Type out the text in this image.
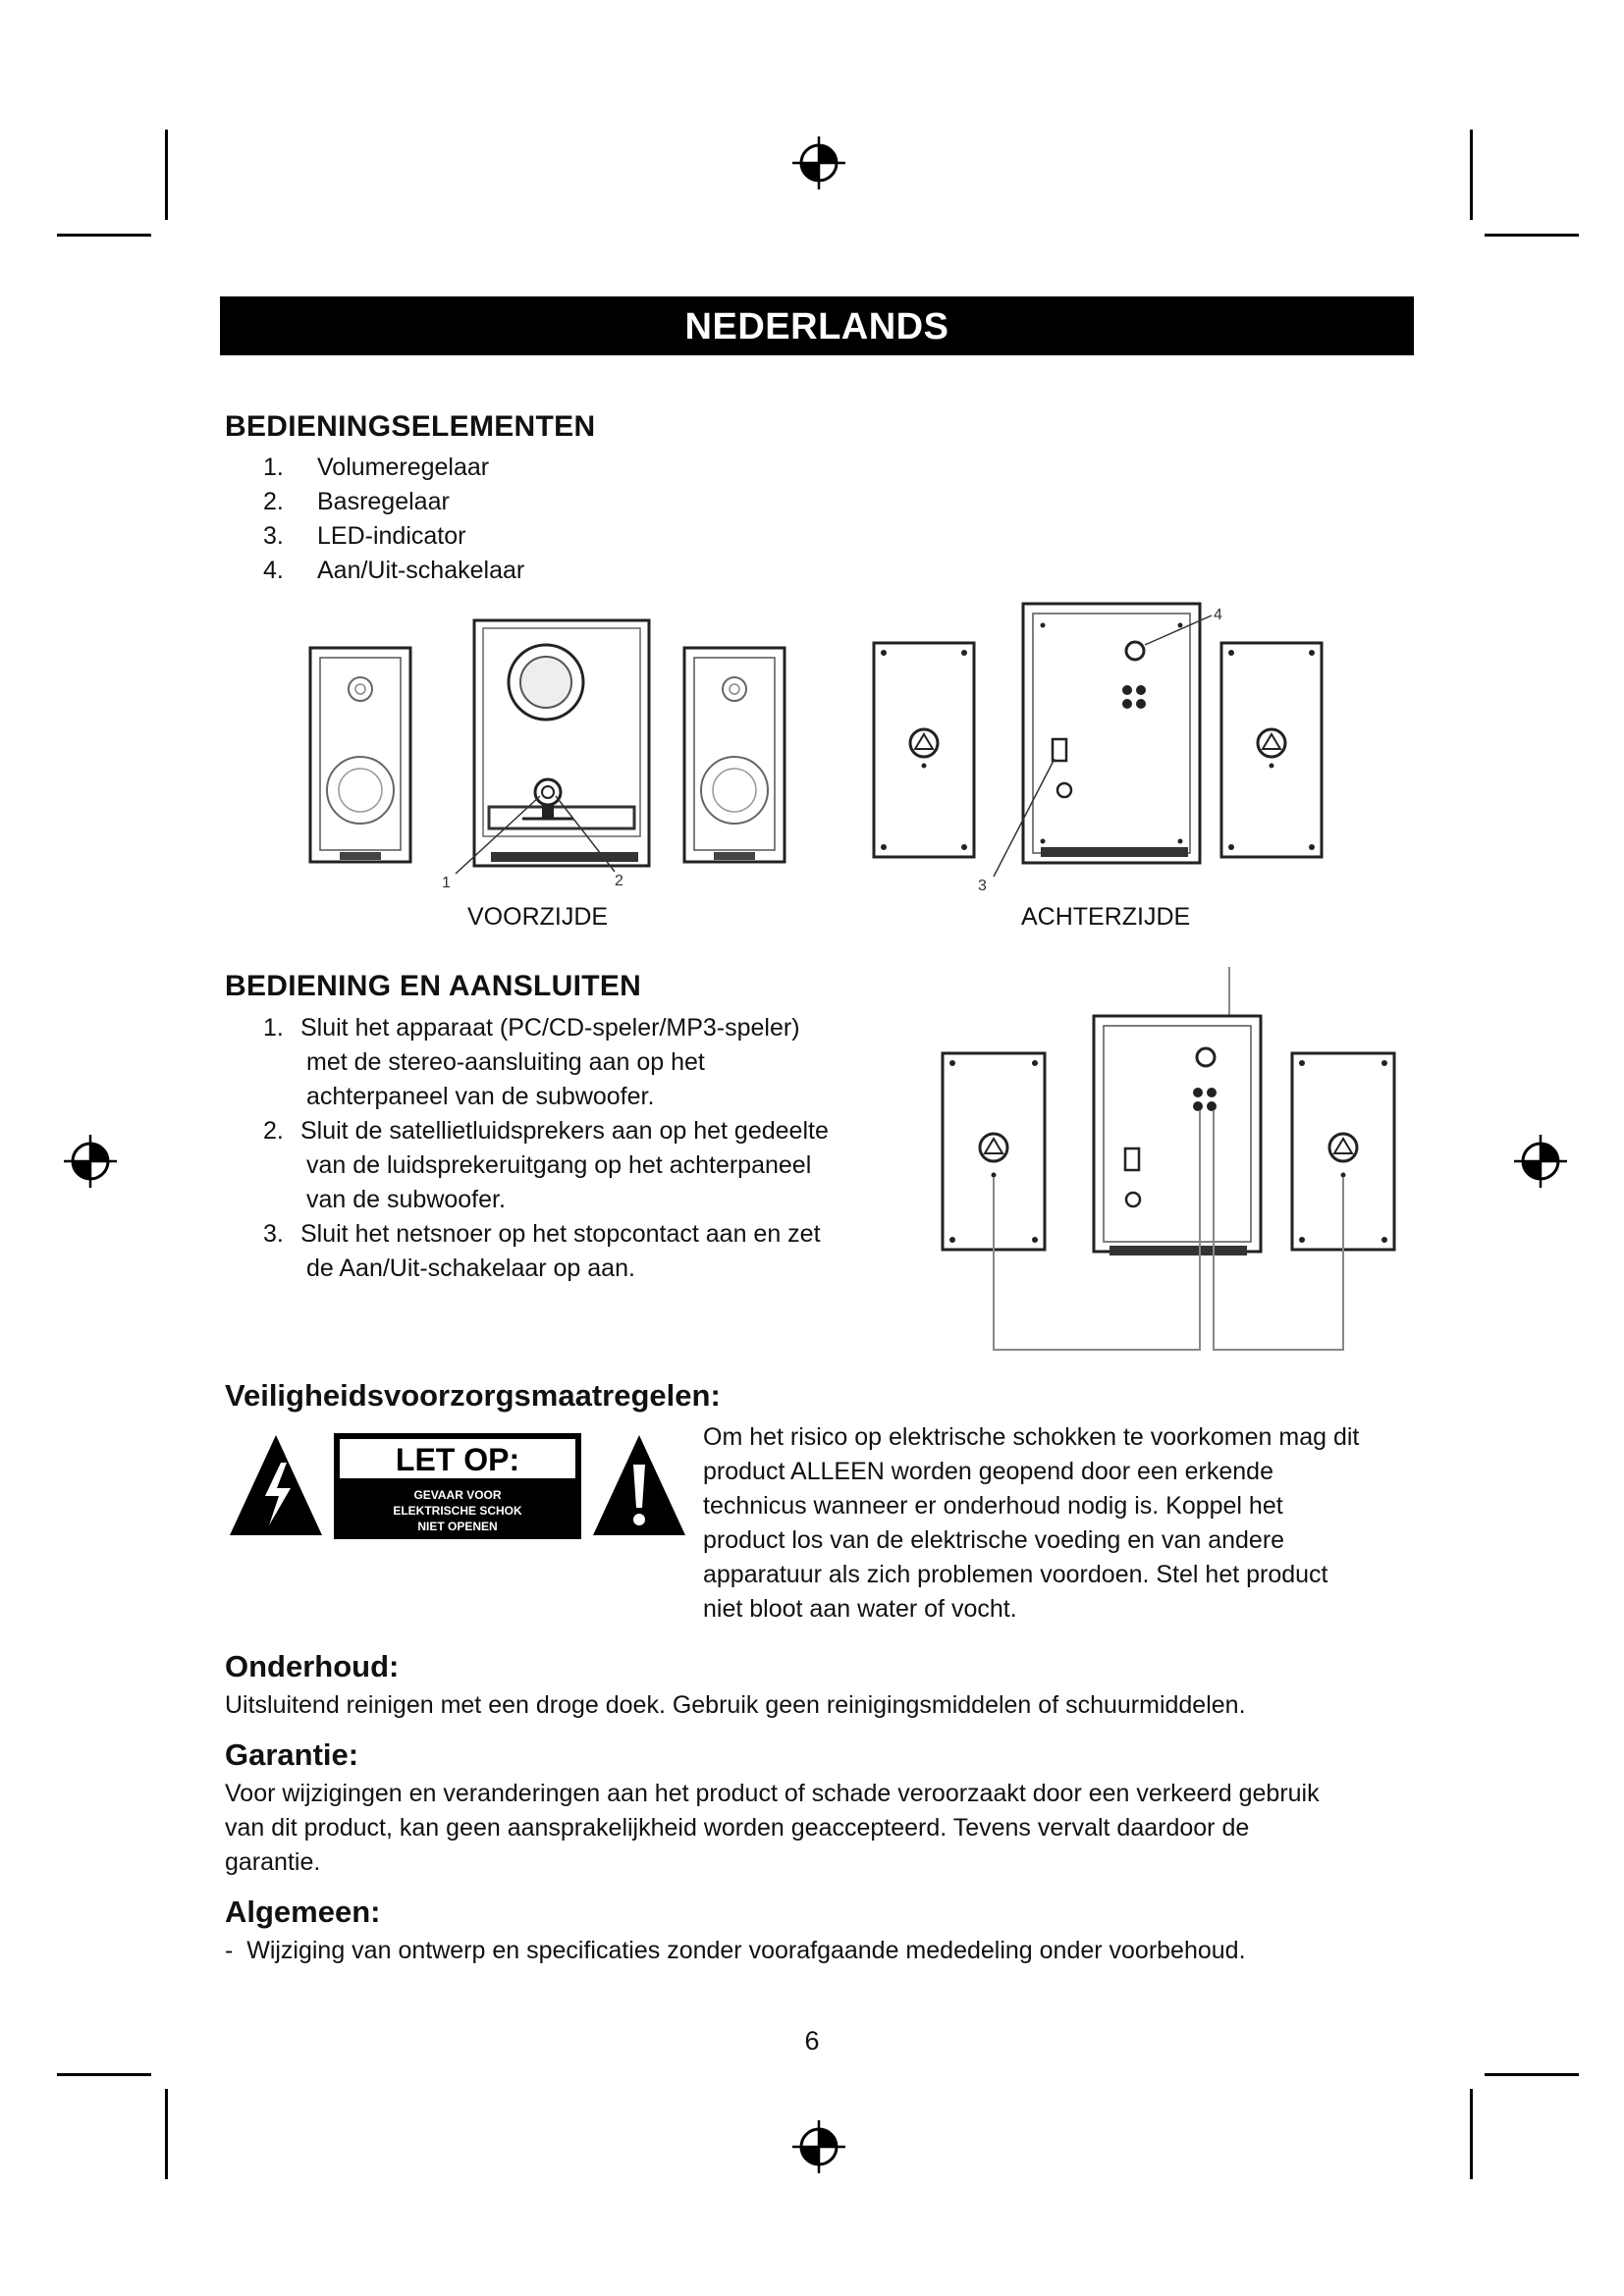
NEDERLANDS
BEDIENINGSELEMENTEN
1. Volumeregelaar
2. Basregelaar
3. LED-indicator
4. Aan/Uit-schakelaar
1	2
VOORZIJDE
4
3
ACHTERZIJDE
BEDIENING EN AANSLUITEN
1. Sluit het apparaat (PC/CD-speler/MP3-speler)
met de stereo-aansluiting aan op het
achterpaneel van de subwoofer.
2. Sluit de satellietluidsprekers aan op het gedeelte
van de luidsprekeruitgang op het achterpaneel
van de subwoofer.
3. Sluit het netsnoer op het stopcontact aan en zet
de Aan/Uit-schakelaar op aan.
Veiligheidsvoorzorgsmaatregelen:
LET OP:
GEVAAR VOOR
ELEKTRISCHE SCHOK
NIET OPENEN
Om het risico op elektrische schokken te voorkomen mag dit
product ALLEEN worden geopend door een erkende
technicus wanneer er onderhoud nodig is. Koppel het
product los van de elektrische voeding en van andere
apparatuur als zich problemen voordoen. Stel het product
niet bloot aan water of vocht.
Onderhoud:
Uitsluitend reinigen met een droge doek. Gebruik geen reinigingsmiddelen of schuurmiddelen.
Garantie:
Voor wijzigingen en veranderingen aan het product of schade veroorzaakt door een verkeerd gebruik
van dit product, kan geen aansprakelijkheid worden geaccepteerd. Tevens vervalt daardoor de
garantie.
Algemeen:
-  Wijziging van ontwerp en specificaties zonder voorafgaande mededeling onder voorbehoud.
6
